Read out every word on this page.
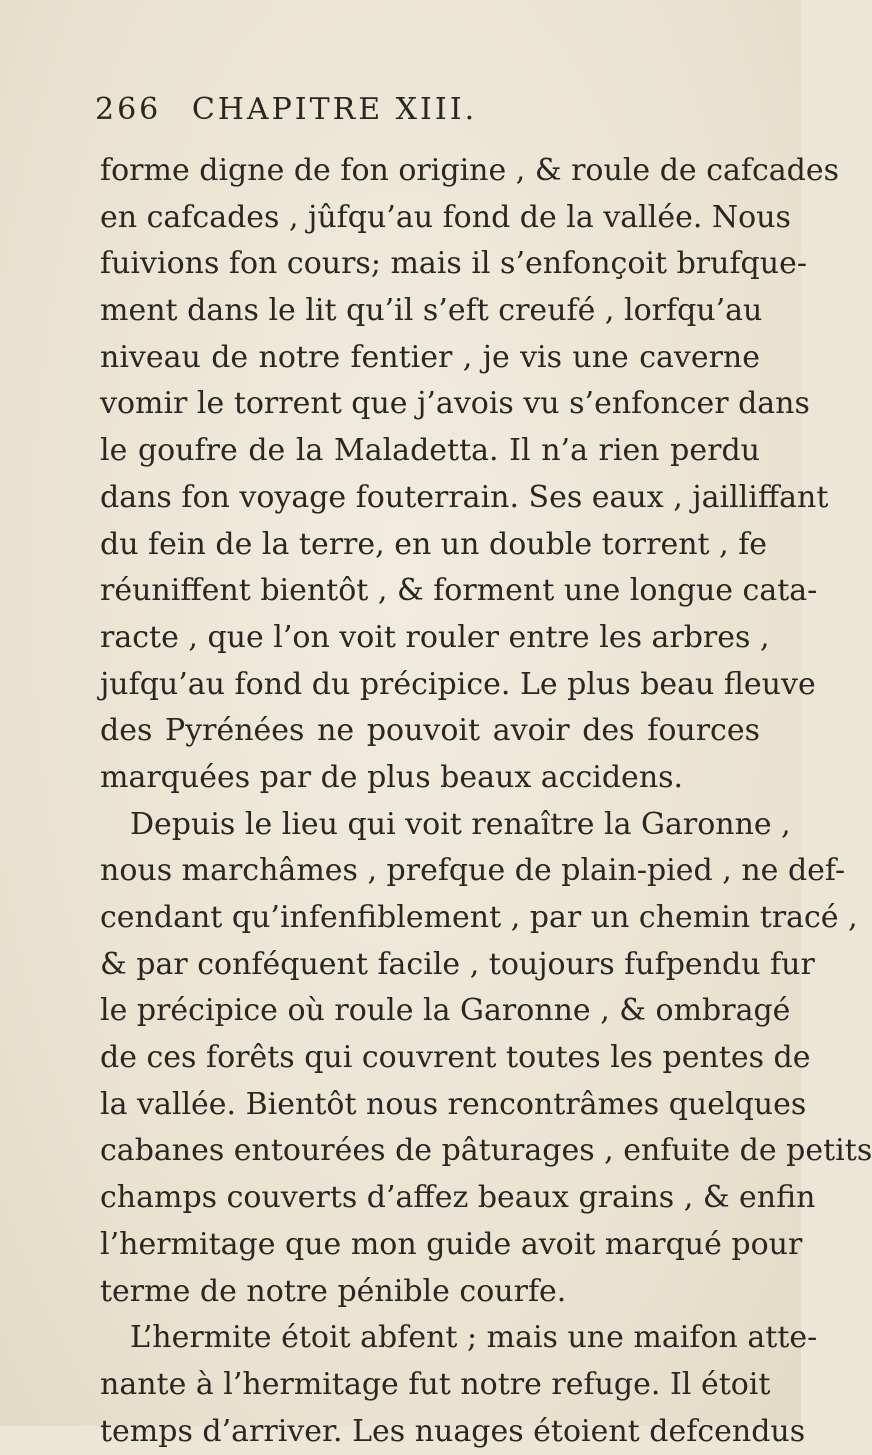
266 CHAPITRE XIII.
forme digne de fon origine , & roule de cafcades
en cafcades , jûfqu’au fond de la vallée. Nous
fuivions fon cours; mais il s’enfonçoit brufque-
ment dans le lit qu’il s’eft creufé , lorfqu’au
niveau de notre fentier , je vis une caverne
vomir le torrent que j’avois vu s’enfoncer dans
le goufre de la Maladetta. Il n’a rien perdu
dans fon voyage fouterrain. Ses eaux , jailliffant
du fein de la terre, en un double torrent , fe
réuniffent bientôt , & forment une longue cata-
racte , que l’on voit rouler entre les arbres ,
jufqu’au fond du précipice. Le plus beau fleuve
des Pyrénées ne pouvoit avoir des fources
marquées par de plus beaux accidens.
Depuis le lieu qui voit renaître la Garonne ,
nous marchâmes , prefque de plain-pied , ne def-
cendant qu’infenfiblement , par un chemin tracé ,
& par conféquent facile , toujours fufpendu fur
le précipice où roule la Garonne , & ombragé
de ces forêts qui couvrent toutes les pentes de
la vallée. Bientôt nous rencontrâmes quelques
cabanes entourées de pâturages , enfuite de petits
champs couverts d’affez beaux grains , & enfin
l’hermitage que mon guide avoit marqué pour
terme de notre pénible courfe.
L’hermite étoit abfent ; mais une maifon atte-
nante à l’hermitage fut notre refuge. Il étoit
temps d’arriver. Les nuages étoient defcendus
